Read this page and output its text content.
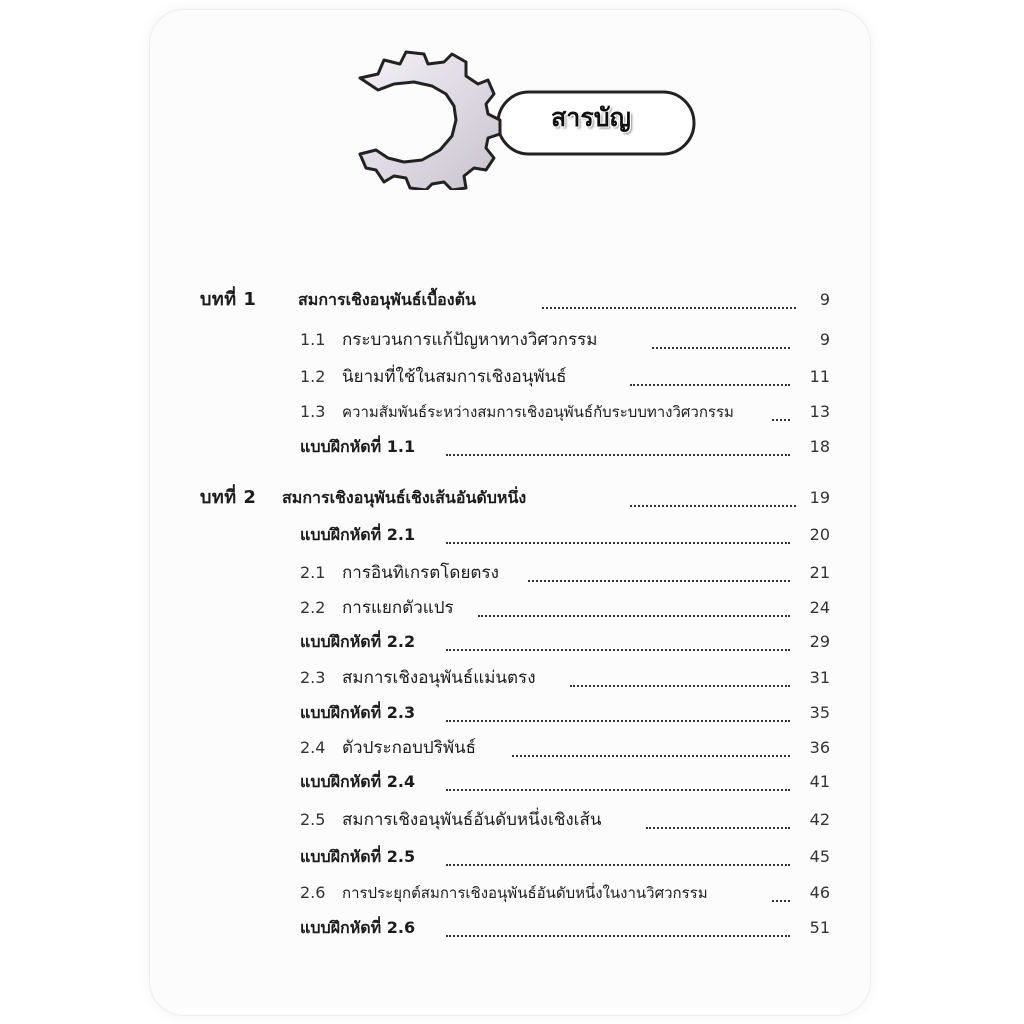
สารบัญ
บทที่ 1	สมการเชิงอนุพันธ์เบื้องต้น	9
1.1 กระบวนการแก้ปัญหาทางวิศวกรรม	9
1.2 นิยามที่ใช้ในสมการเชิงอนุพันธ์	11
1.3 ความสัมพันธ์ระหว่างสมการเชิงอนุพันธ์กับระบบทางวิศวกรรม	13
แบบฝึกหัดที่ 1.1	18
บทที่ 2 สมการเชิงอนุพันธ์เชิงเส้นอันดับหนึ่ง	19
แบบฝึกหัดที่ 2.1	20
2.1 การอินทิเกรตโดยตรง	21
2.2 การแยกตัวแปร	24
แบบฝึกหัดที่ 2.2	29
2.3 สมการเชิงอนุพันธ์แม่นตรง	31
แบบฝึกหัดที่ 2.3	35
2.4 ตัวประกอบปริพันธ์	36
แบบฝึกหัดที่ 2.4	41
2.5 สมการเชิงอนุพันธ์อันดับหนึ่งเชิงเส้น	42
แบบฝึกหัดที่ 2.5	45
2.6 การประยุกต์สมการเชิงอนุพันธ์อันดับหนึ่งในงานวิศวกรรม	46
แบบฝึกหัดที่ 2.6	51
